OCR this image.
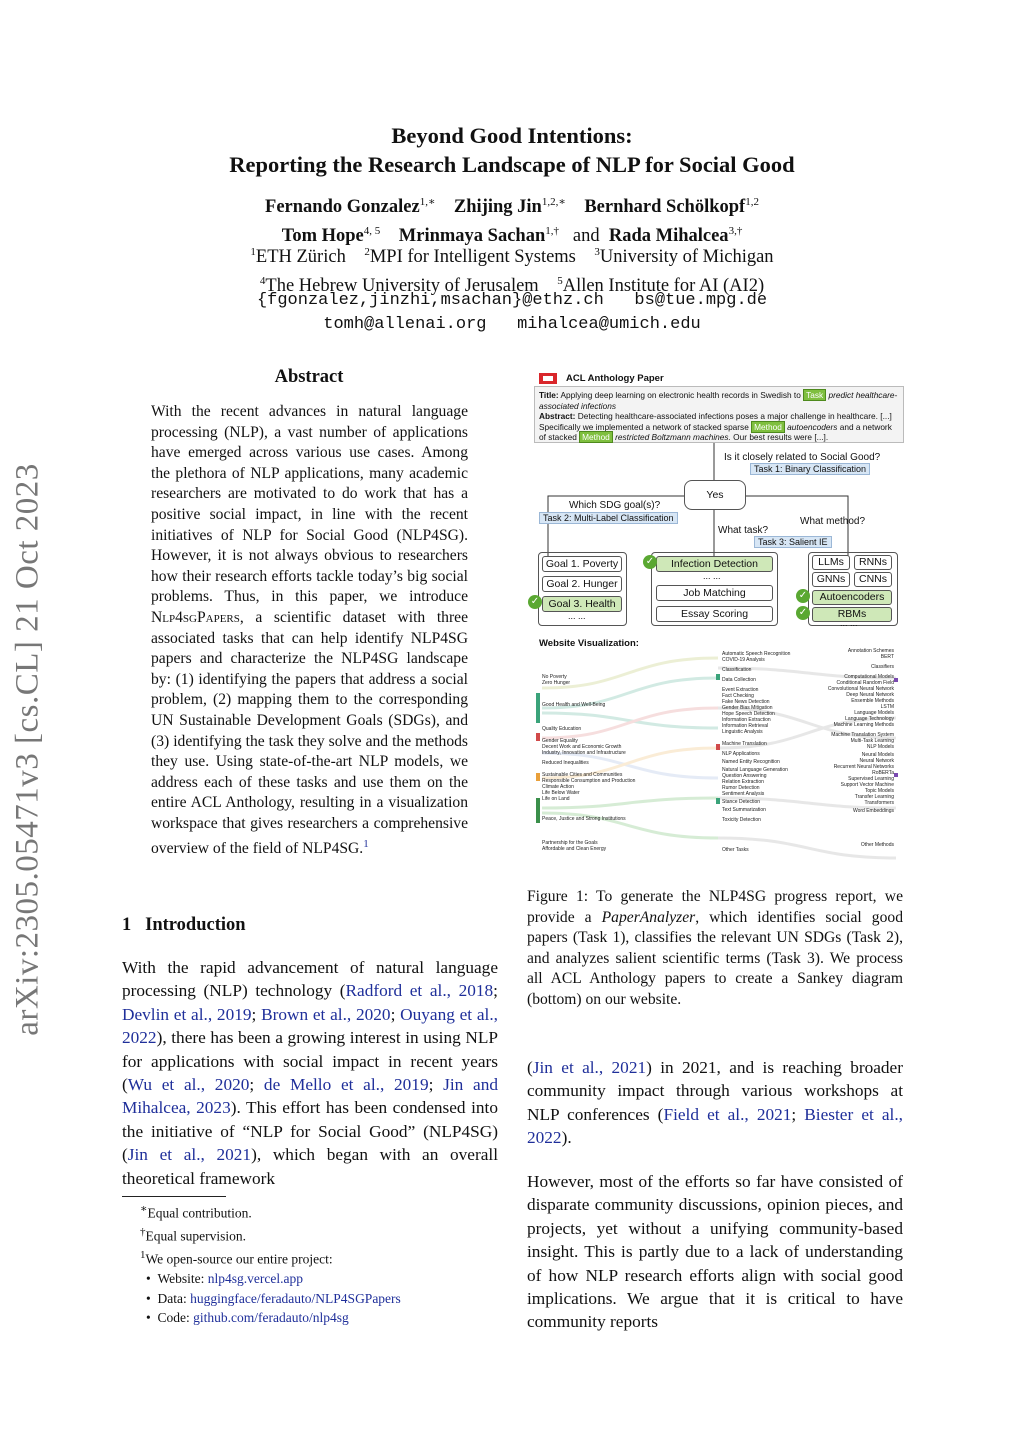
arXiv:2305.05471v3 [cs.CL] 21 Oct 2023
Beyond Good Intentions:
Reporting the Research Landscape of NLP for Social Good
Fernando Gonzalez$^{1,∗}$ Zhijing Jin$^{1,2,∗}$ Bernhard Schölkopf$^{1,2}$
Tom Hope$^{4, 5}$ Mrinmaya Sachan$^{1,\dagger}$ and Rada Mihalcea$^{3,\dagger}$
$^1$ETH Zürich $^2$MPI for Intelligent Systems $^3$University of Michigan
$^4$The Hebrew University of Jerusalem $^5$Allen Institute for AI (AI2)
{fgonzalez,jinzhi,msachan}@ethz.ch bs@tue.mpg.de
tomh@allenai.org mihalcea@umich.edu
Abstract
With the recent advances in natural language processing (NLP), a vast number of applications have emerged across various use cases. Among the plethora of NLP applications, many academic researchers are motivated to do work that has a positive social impact, in line with the recent initiatives of NLP for Social Good (NLP4SG). However, it is not always obvious to researchers how their research efforts tackle today’s big social problems. Thus, in this paper, we introduce Nlp4sgPapers, a scientific dataset with three associated tasks that can help identify NLP4SG papers and characterize the NLP4SG landscape by: (1) identifying the papers that address a social problem, (2) mapping them to the corresponding UN Sustainable Development Goals (SDGs), and (3) identifying the task they solve and the methods they use. Using state-of-the-art NLP models, we address each of these tasks and use them on the entire ACL Anthology, resulting in a visualization workspace that gives researchers a comprehensive overview of the field of NLP4SG.$^1$
1 Introduction
With the rapid advancement of natural language processing (NLP) technology (Radford et al., 2018; Devlin et al., 2019; Brown et al., 2020; Ouyang et al., 2022), there has been a growing interest in using NLP for applications with social impact in recent years (Wu et al., 2020; de Mello et al., 2019; Jin and Mihalcea, 2023). This effort has been condensed into the initiative of “NLP for Social Good” (NLP4SG) (Jin et al., 2021), which began with an overall theoretical framework
∗Equal contribution.
†Equal supervision.
$^1$We open-source our entire project:
•  Website: nlp4sg.vercel.app
•  Data: huggingface/feradauto/NLP4SGPapers
•  Code: github.com/feradauto/nlp4sg
ACL Anthology Paper
Title: Applying deep learning on electronic health records in Swedish to Task predict healthcare-associated infections
Abstract: Detecting healthcare-associated infections poses a major challenge in healthcare. [...] Specifically we implemented a network of stacked sparse Method autoencoders and a network of stacked Method restricted Boltzmann machines. Our best results were [...].
Is it closely related to Social Good?
Task 1: Binary Classification
Yes
Which SDG goal(s)?
Task 2: Multi-Label Classification
What task?
Task 3: Salient IE
What method?
Goal 1. Poverty
Goal 2. Hunger
Goal 3. Health
... ...
✓
Infection Detection
... ...
Job Matching
Essay Scoring
✓	LLMs	RNNs
GNNs	CNNs
Autoencoders
RBMs
... ...
✓
✓
Website Visualization:
No Poverty
Zero Hunger
Good Health and Well-Being
Quality Education
Gender Equality
Decent Work and Economic Growth
Industry, Innovation and Infrastructure
Reduced Inequalities
Sustainable Cities and Communities
Responsible Consumption and Production
Climate Action
Life Below Water
Life on Land
Peace, Justice and Strong Institutions
Partnership for the Goals
Affordable and Clean Energy
Automatic Speech Recognition
COVID-19 Analysis
Classification
Data Collection
Event Extraction
Fact Checking
Fake News Detection
Gender Bias Mitigation
Hope Speech Detection
Information Extraction
Information Retrieval
Linguistic Analysis
Machine Translation
NLP Applications
Named Entity Recognition
Natural Language Generation
Question Answering
Relation Extraction
Rumor Detection
Sentiment Analysis
Stance Detection
Text Summarization
Toxicity Detection
Other Tasks
Annotation Schemes
BERT
Classifiers
Computational Models
Conditional Random Field
Convolutional Neural Network
Deep Neural Network
Ensemble Methods
LSTM
Language Models
Language Technology
Machine Learning Methods
Machine Translation System
Multi-Task Learning
NLP Models
Neural Models
Neural Network
Recurrent Neural Networks
RoBERTa
Supervised Learning
Support Vector Machine
Topic Models
Transfer Learning
Transformers
Word Embeddings
Other Methods
Figure 1: To generate the NLP4SG progress report, we provide a PaperAnalyzer, which identifies social good papers (Task 1), classifies the relevant UN SDGs (Task 2), and analyzes salient scientific terms (Task 3). We process all ACL Anthology papers to create a Sankey diagram (bottom) on our website.
(Jin et al., 2021) in 2021, and is reaching broader community impact through various workshops at NLP conferences (Field et al., 2021; Biester et al., 2022).
However, most of the efforts so far have consisted of disparate community discussions, opinion pieces, and projects, yet without a unifying community-based insight. This is partly due to a lack of understanding of how NLP research efforts align with social good implications. We argue that it is critical to have community reports
